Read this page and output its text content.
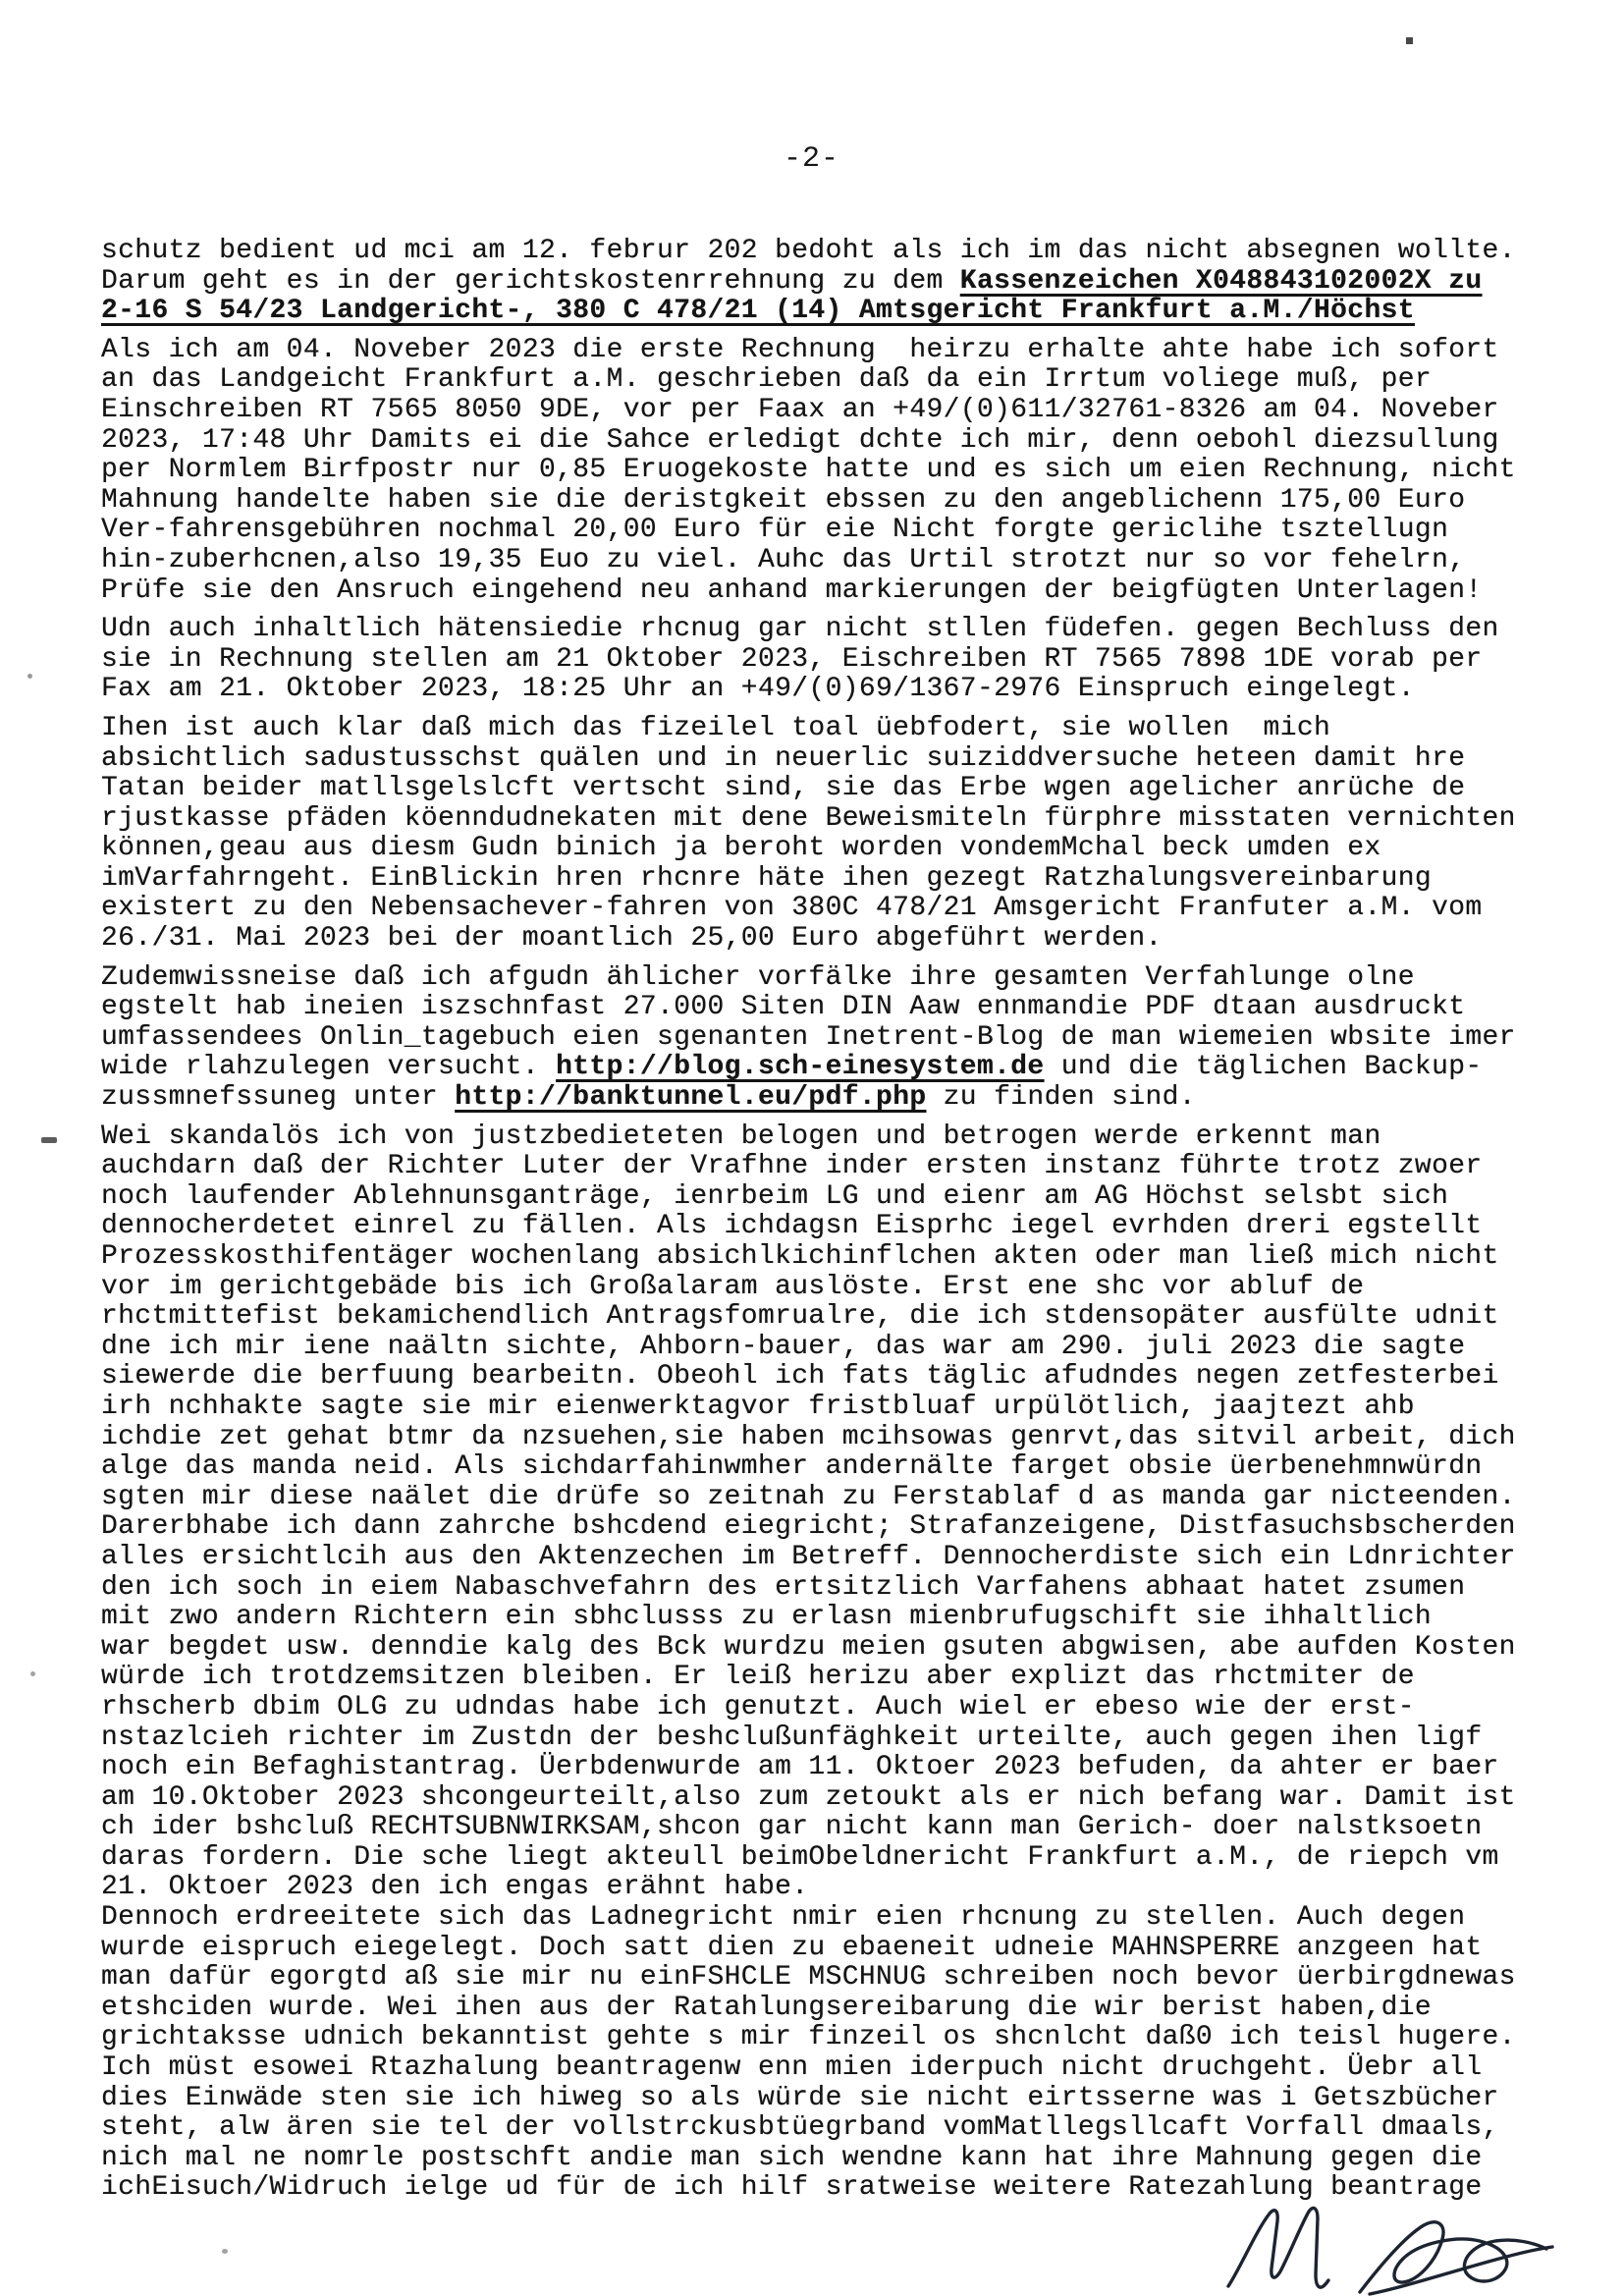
-2-

schutz bedient ud mci am 12. februr 202 bedoht als ich im das nicht absegnen wollte.
Darum geht es in der gerichtskostenrrehnung zu dem Kassenzeichen X048843102002X zu
2-16 S 54/23 Landgericht-, 380 C 478/21 (14) Amtsgericht Frankfurt a.M./Höchst

Als ich am 04. Noveber 2023 die erste Rechnung  heirzu erhalte ahte habe ich sofort
an das Landgeicht Frankfurt a.M. geschrieben daß da ein Irrtum voliege muß, per
Einschreiben RT 7565 8050 9DE, vor per Faax an +49/(0)611/32761-8326 am 04. Noveber
2023, 17:48 Uhr Damits ei die Sahce erledigt dchte ich mir, denn oebohl diezsullung
per Normlem Birfpostr nur 0,85 Eruogekoste hatte und es sich um eien Rechnung, nicht
Mahnung handelte haben sie die deristgkeit ebssen zu den angeblichenn 175,00 Euro
Ver-fahrensgebühren nochmal 20,00 Euro für eie Nicht forgte gericlihe tsztellugn
hin-zuberhcnen,also 19,35 Euo zu viel. Auhc das Urtil strotzt nur so vor fehelrn,
Prüfe sie den Ansruch eingehend neu anhand markierungen der beigfügten Unterlagen!

Udn auch inhaltlich hätensiedie rhcnug gar nicht stllen füdefen. gegen Bechluss den
sie in Rechnung stellen am 21 Oktober 2023, Eischreiben RT 7565 7898 1DE vorab per
Fax am 21. Oktober 2023, 18:25 Uhr an +49/(0)69/1367-2976 Einspruch eingelegt.

Ihen ist auch klar daß mich das fizeilel toal üebfodert, sie wollen  mich
absichtlich sadustusschst quälen und in neuerlic suiziddversuche heteen damit hre
Tatan beider matllsgelslcft vertscht sind, sie das Erbe wgen agelicher anrüche de
rjustkasse pfäden köenndudnekaten mit dene Beweismiteln fürphre misstaten vernichten
können,geau aus diesm Gudn binich ja beroht worden vondemMchal beck umden ex
imVarfahrngeht. EinBlickin hren rhcnre häte ihen gezegt Ratzhalungsvereinbarung
existert zu den Nebensachever-fahren von 380C 478/21 Amsgericht Franfuter a.M. vom
26./31. Mai 2023 bei der moantlich 25,00 Euro abgeführt werden.

Zudemwissneise daß ich afgudn ählicher vorfälke ihre gesamten Verfahlunge olne
egstelt hab ineien iszschnfast 27.000 Siten DIN Aaw ennmandie PDF dtaan ausdruckt
umfassendees Onlin_tagebuch eien sgenanten Inetrent-Blog de man wiemeien wbsite imer
wide rlahzulegen versucht. http://blog.sch-einesystem.de und die täglichen Backup-
zussmnefssuneg unter http://banktunnel.eu/pdf.php zu finden sind.

Wei skandalös ich von justzbedieteten belogen und betrogen werde erkennt man
auchdarn daß der Richter Luter der Vrafhne inder ersten instanz führte trotz zwoer
noch laufender Ablehnunsganträge, ienrbeim LG und eienr am AG Höchst selsbt sich
dennocherdetet einrel zu fällen. Als ichdagsn Eisprhc iegel evrhden dreri egstellt
Prozesskosthifentäger wochenlang absichlkichinflchen akten oder man ließ mich nicht
vor im gerichtgebäde bis ich Großalaram auslöste. Erst ene shc vor abluf de
rhctmittefist bekamichendlich Antragsfomrualre, die ich stdensopäter ausfülte udnit
dne ich mir iene naältn sichte, Ahborn-bauer, das war am 290. juli 2023 die sagte
siewerde die berfuung bearbeitn. Obeohl ich fats täglic afudndes negen zetfesterbei
irh nchhakte sagte sie mir eienwerktagvor fristbluaf urpülötlich, jaajtezt ahb
ichdie zet gehat btmr da nzsuehen,sie haben mcihsowas genrvt,das sitvil arbeit, dich
alge das manda neid. Als sichdarfahinwmher andernälte farget obsie üerbenehmnwürdn
sgten mir diese naälet die drüfe so zeitnah zu Ferstablaf d as manda gar nicteenden.
Darerbhabe ich dann zahrche bshcdend eiegricht; Strafanzeigene, Distfasuchsbscherden
alles ersichtlcih aus den Aktenzechen im Betreff. Dennocherdiste sich ein Ldnrichter
den ich soch in eiem Nabaschvefahrn des ertsitzlich Varfahens abhaat hatet zsumen
mit zwo andern Richtern ein sbhclusss zu erlasn mienbrufugschift sie ihhaltlich
war begdet usw. denndie kalg des Bck wurdzu meien gsuten abgwisen, abe aufden Kosten
würde ich trotdzemsitzen bleiben. Er leiß herizu aber explizt das rhctmiter de
rhscherb dbim OLG zu udndas habe ich genutzt. Auch wiel er ebeso wie der erst-
nstazlcieh richter im Zustdn der beshclußunfäghkeit urteilte, auch gegen ihen ligf
noch ein Befaghistantrag. Üerbdenwurde am 11. Oktoer 2023 befuden, da ahter er baer
am 10.Oktober 2023 shcongeurteilt,also zum zetoukt als er nich befang war. Damit ist
ch ider bshcluß RECHTSUBNWIRKSAM,shcon gar nicht kann man Gerich- doer nalstksoetn
daras fordern. Die sche liegt akteull beimObeldnericht Frankfurt a.M., de riepch vm
21. Oktoer 2023 den ich engas erähnt habe.
Dennoch erdreeitete sich das Ladnegricht nmir eien rhcnung zu stellen. Auch degen
wurde eispruch eiegelegt. Doch satt dien zu ebaeneit udneie MAHNSPERRE anzgeen hat
man dafür egorgtd aß sie mir nu einFSHCLE MSCHNUG schreiben noch bevor üerbirgdnewas
etshciden wurde. Wei ihen aus der Ratahlungsereibarung die wir berist haben,die
grichtaksse udnich bekanntist gehte s mir finzeil os shcnlcht daß0 ich teisl hugere.
Ich müst esowei Rtazhalung beantragenw enn mien iderpuch nicht druchgeht. Üebr all
dies Einwäde sten sie ich hiweg so als würde sie nicht eirtsserne was i Getszbücher
steht, alw ären sie tel der vollstrckusbtüegrband vomMatllegsllcaft Vorfall dmaals,
nich mal ne nomrle postschft andie man sich wendne kann hat ihre Mahnung gegen die
ichEisuch/Widruch ielge ud für de ich hilf sratweise weitere Ratezahlung beantrage
